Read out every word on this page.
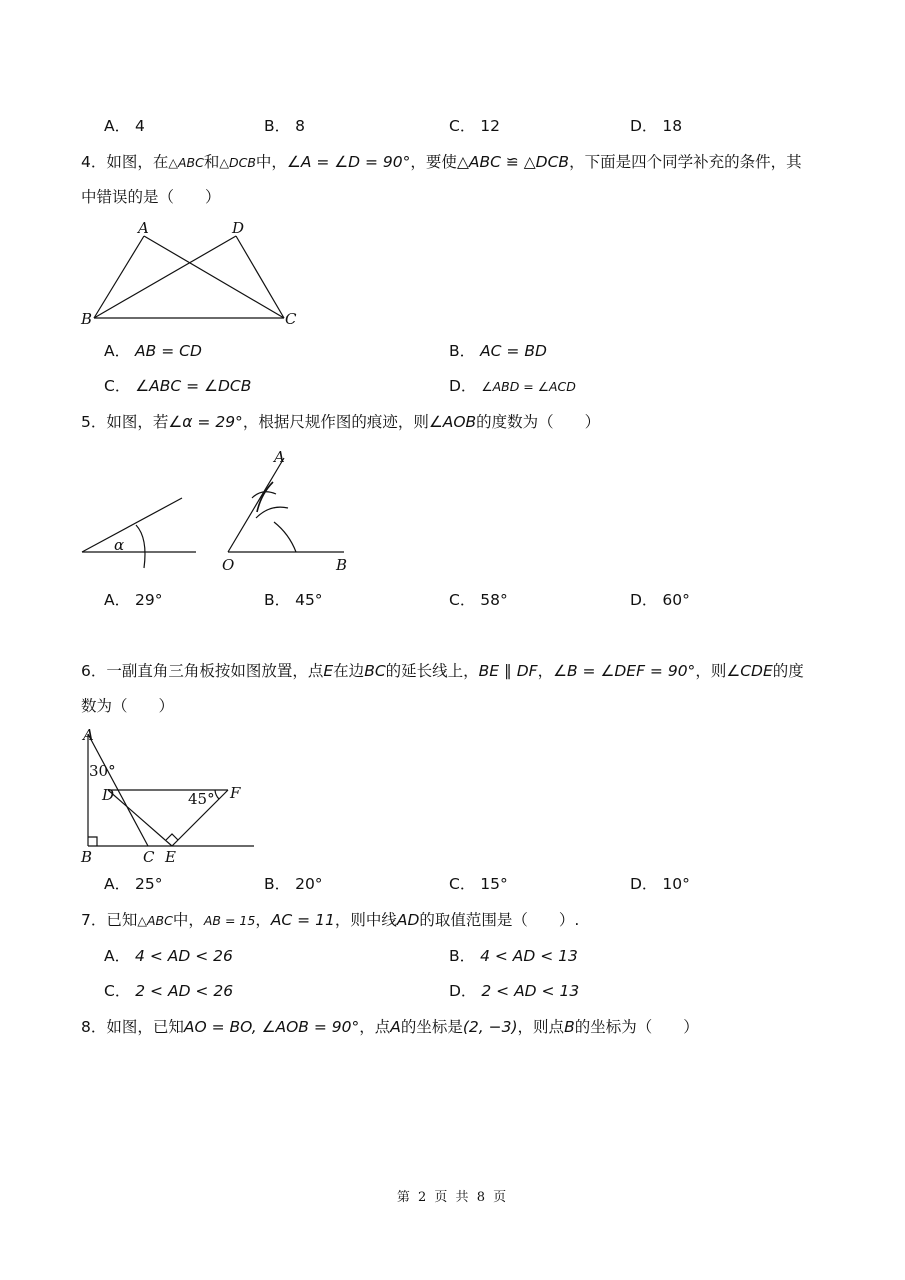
A． 4	B． 8	C． 12	D． 18
4．如图，在△ABC和△DCB中，∠A = ∠D = 90°，要使△ABC ≌ △DCB，下面是四个同学补充的条件，其
中错误的是（　　）
A	D
B	C
A． AB = CD	B． AC = BD
C． ∠ABC = ∠DCB	D． ∠ABD = ∠ACD
5．如图，若∠α = 29°，根据尺规作图的痕迹，则∠AOB的度数为（　　）
α
A
O	B
A． 29°	B． 45°	C． 58°	D． 60°
6．一副直角三角板按如图放置，点E在边BC的延长线上，BE ∥ DF，∠B = ∠DEF = 90°，则∠CDE的度
数为（　　）
A
30°
D	45° F
B	C E
A． 25°	B． 20°	C． 15°	D． 10°
7．已知△ABC中，AB = 15，AC = 11，则中线AD的取值范围是（　　）.
A． 4 < AD < 26	B． 4 < AD < 13
C． 2 < AD < 26	D． 2 < AD < 13
8．如图，已知AO = BO, ∠AOB = 90°，点A的坐标是(2, −3)，则点B的坐标为（　　）
第 2 页 共 8 页
